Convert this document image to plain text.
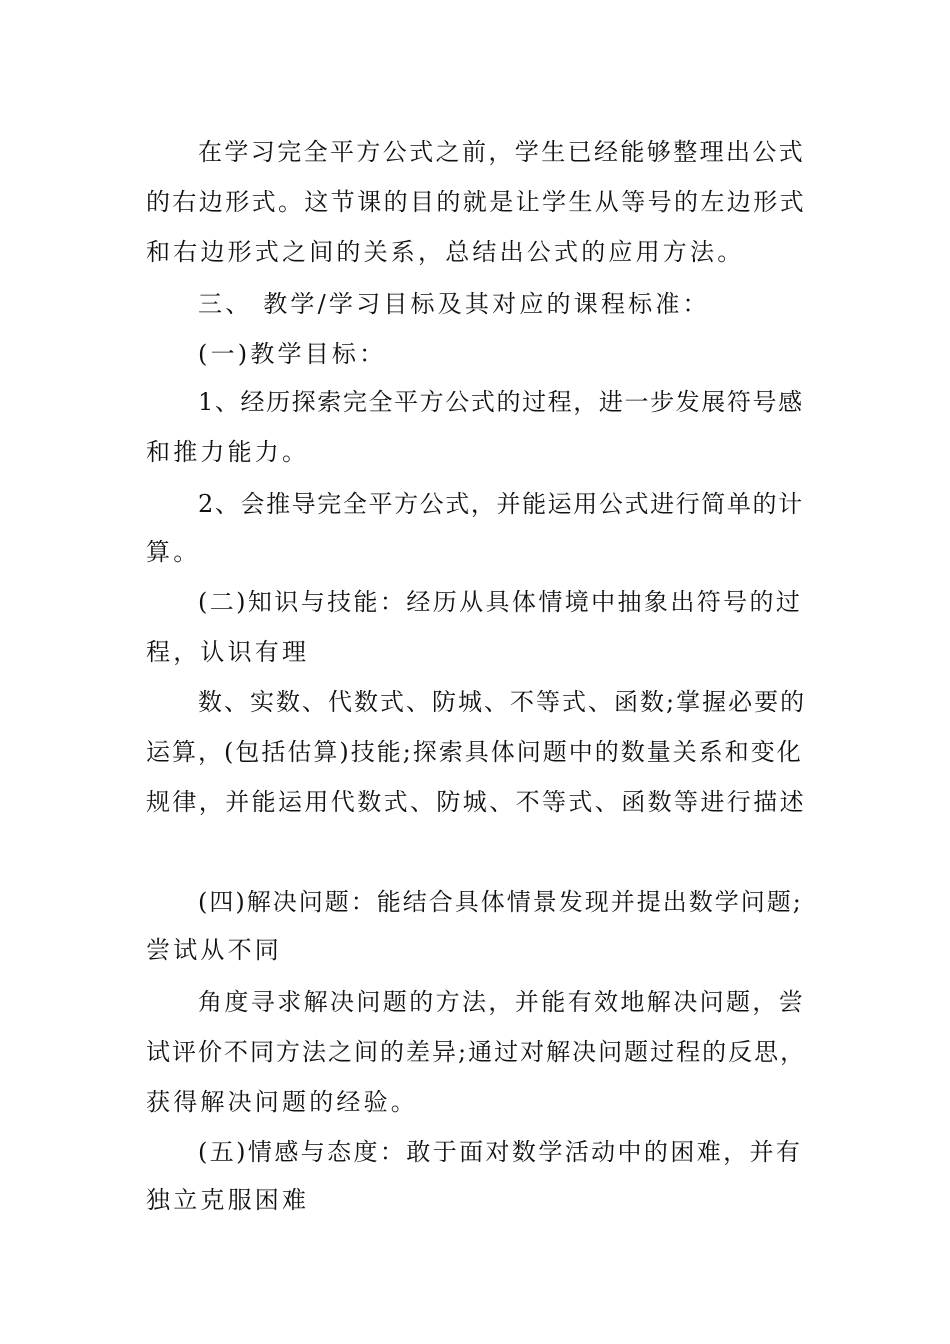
在学习完全平方公式之前，学生已经能够整理出公式
的右边形式。这节课的目的就是让学生从等号的左边形式
和右边形式之间的关系，总结出公式的应用方法。
三、 教学/学习目标及其对应的课程标准：
(一)教学目标：
1、经历探索完全平方公式的过程，进一步发展符号感
和推力能力。
2、会推导完全平方公式，并能运用公式进行简单的计
算。
(二)知识与技能：经历从具体情境中抽象出符号的过
程，认识有理
数、实数、代数式、防城、不等式、函数;掌握必要的
运算，(包括估算)技能;探索具体问题中的数量关系和变化
规律，并能运用代数式、防城、不等式、函数等进行描述
(四)解决问题：能结合具体情景发现并提出数学问题;
尝试从不同
角度寻求解决问题的方法，并能有效地解决问题，尝
试评价不同方法之间的差异;通过对解决问题过程的反思，
获得解决问题的经验。
(五)情感与态度：敢于面对数学活动中的困难，并有
独立克服困难
